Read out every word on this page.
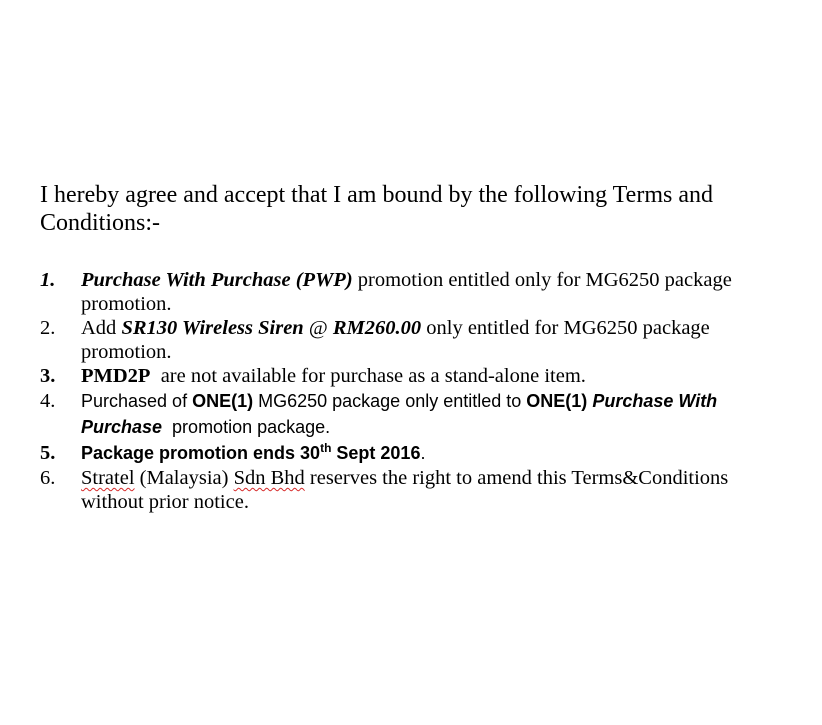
I hereby agree and accept that I am bound by the following Terms and Conditions:-
1.	Purchase With Purchase (PWP) promotion entitled only for MG6250 package promotion.
2.	Add SR130 Wireless Siren @ RM260.00 only entitled for MG6250 package promotion.
3.	PMD2P  are not available for purchase as a stand-alone item.
4.	Purchased of ONE(1) MG6250 package only entitled to ONE(1) Purchase With Purchase  promotion package.
5.	Package promotion ends 30th Sept 2016.
6.	Stratel (Malaysia) Sdn Bhd reserves the right to amend this Terms&Conditions without prior notice.
